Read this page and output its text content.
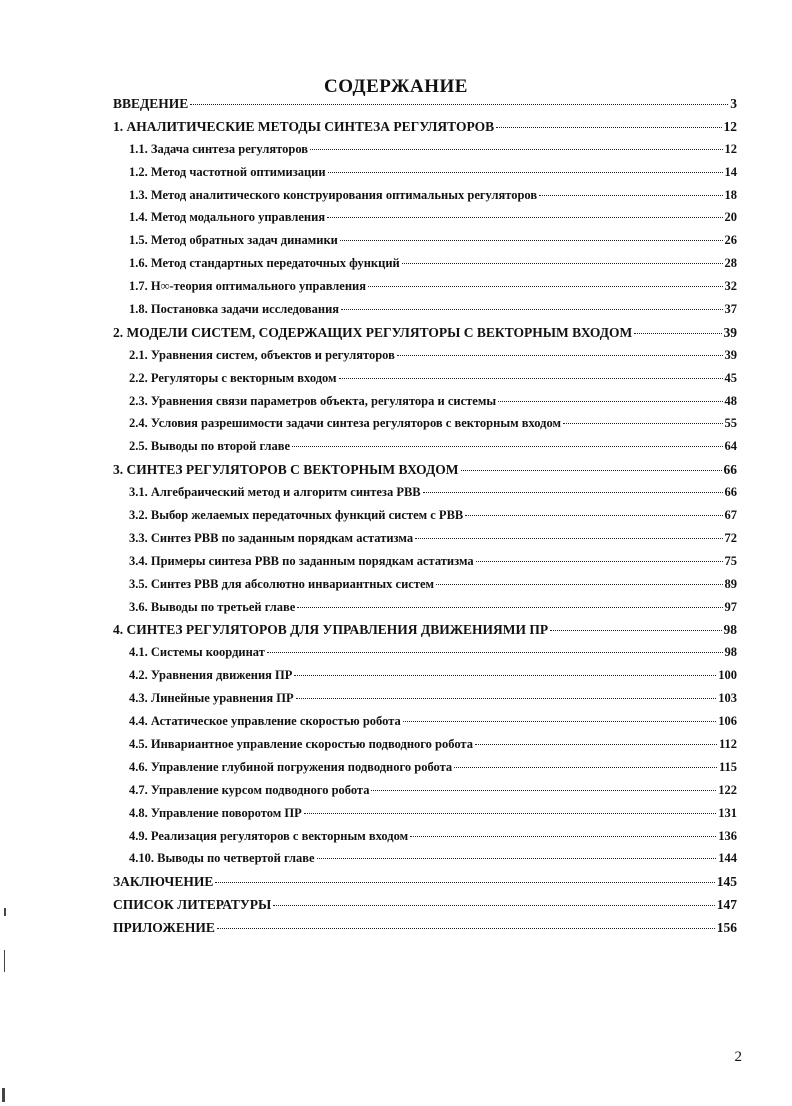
СОДЕРЖАНИЕ
ВВЕДЕНИЕ	3
1. АНАЛИТИЧЕСКИЕ МЕТОДЫ СИНТЕЗА РЕГУЛЯТОРОВ	12
1.1. Задача синтеза регуляторов	12
1.2. Метод частотной оптимизации	14
1.3. Метод аналитического конструирования оптимальных регуляторов	18
1.4. Метод модального управления	20
1.5. Метод обратных задач динамики	26
1.6. Метод стандартных передаточных функций	28
1.7. H∞-теория оптимального управления	32
1.8. Постановка задачи исследования	37
2. МОДЕЛИ СИСТЕМ, СОДЕРЖАЩИХ РЕГУЛЯТОРЫ С ВЕКТОРНЫМ ВХОДОМ	39
2.1. Уравнения систем, объектов и регуляторов	39
2.2. Регуляторы с векторным входом	45
2.3. Уравнения связи параметров объекта, регулятора и системы	48
2.4. Условия разрешимости задачи синтеза регуляторов с векторным входом	55
2.5. Выводы по второй главе	64
3. СИНТЕЗ РЕГУЛЯТОРОВ С ВЕКТОРНЫМ ВХОДОМ	66
3.1. Алгебраический метод и алгоритм синтеза РВВ	66
3.2. Выбор желаемых передаточных функций систем с РВВ	67
3.3. Синтез РВВ по заданным порядкам астатизма	72
3.4. Примеры синтеза РВВ по заданным порядкам астатизма	75
3.5. Синтез РВВ для абсолютно инвариантных систем	89
3.6. Выводы по третьей главе	97
4. СИНТЕЗ РЕГУЛЯТОРОВ ДЛЯ УПРАВЛЕНИЯ ДВИЖЕНИЯМИ ПР	98
4.1. Системы координат	98
4.2. Уравнения движения ПР	100
4.3. Линейные уравнения ПР	103
4.4. Астатическое управление скоростью робота	106
4.5. Инвариантное управление скоростью подводного робота	112
4.6. Управление глубиной погружения подводного робота	115
4.7. Управление курсом подводного робота	122
4.8. Управление поворотом ПР	131
4.9. Реализация регуляторов с векторным входом	136
4.10. Выводы по четвертой главе	144
ЗАКЛЮЧЕНИЕ	145
СПИСОК ЛИТЕРАТУРЫ	147
ПРИЛОЖЕНИЕ	156
2
